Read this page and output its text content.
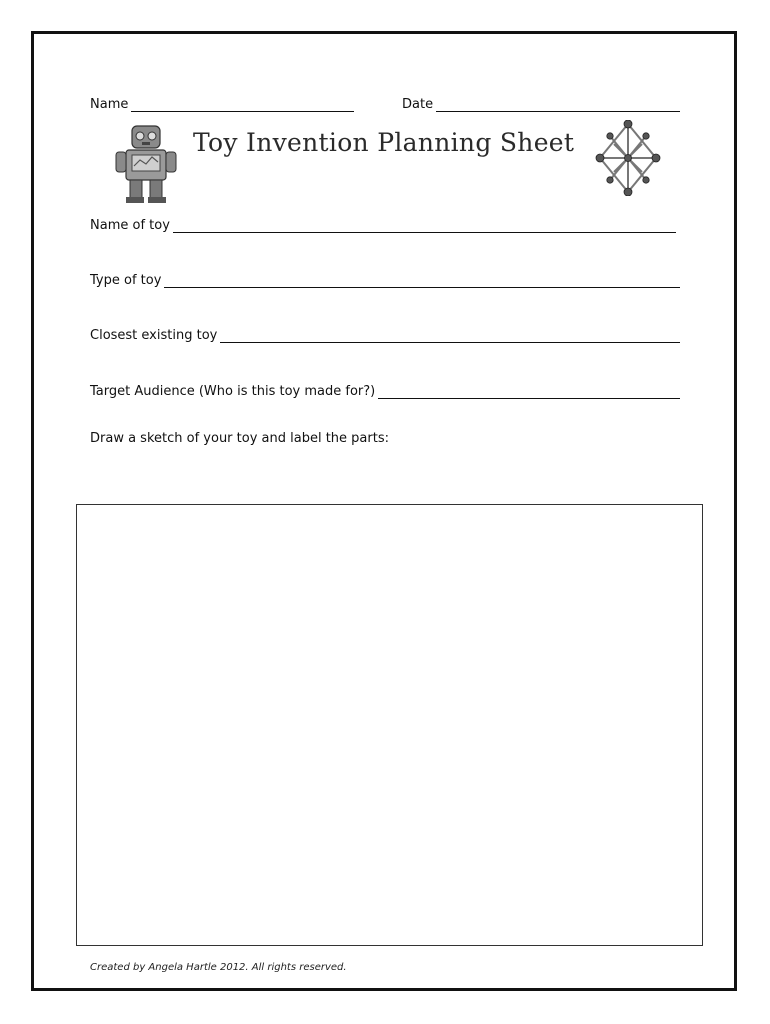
Name	Date
Toy Invention Planning Sheet
Name of toy
Type of toy
Closest existing toy
Target Audience (Who is this toy made for?)
Draw a sketch of your toy and label the parts:
Created by Angela Hartle 2012. All rights reserved.
